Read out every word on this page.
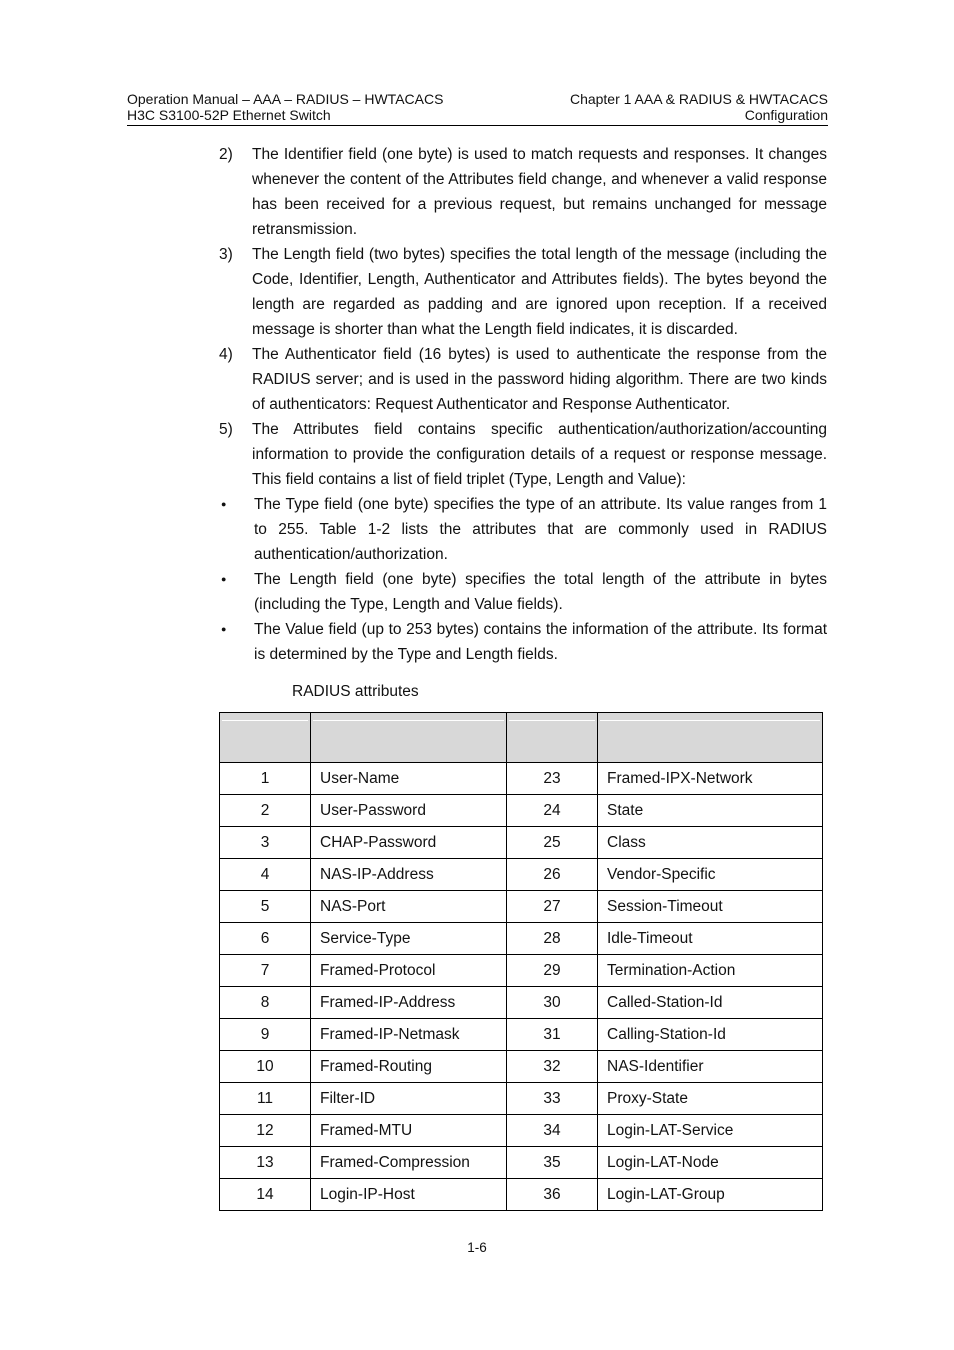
Operation Manual – AAA – RADIUS – HWTACACS
H3C S3100-52P Ethernet Switch
Chapter 1 AAA & RADIUS & HWTACACS
Configuration
2)	The Identifier field (one byte) is used to match requests and responses. It changes whenever the content of the Attributes field change, and whenever a valid response has been received for a previous request, but remains unchanged for message retransmission.
3)	The Length field (two bytes) specifies the total length of the message (including the Code, Identifier, Length, Authenticator and Attributes fields). The bytes beyond the length are regarded as padding and are ignored upon reception. If a received message is shorter than what the Length field indicates, it is discarded.
4)	The Authenticator field (16 bytes) is used to authenticate the response from the RADIUS server; and is used in the password hiding algorithm. There are two kinds of authenticators: Request Authenticator and Response Authenticator.
5)	The Attributes field contains specific authentication/authorization/accounting information to provide the configuration details of a request or response message. This field contains a list of field triplet (Type, Length and Value):
●	The Type field (one byte) specifies the type of an attribute. Its value ranges from 1 to 255. Table 1-2 lists the attributes that are commonly used in RADIUS authentication/authorization.
●	The Length field (one byte) specifies the total length of the attribute in bytes (including the Type, Length and Value fields).
●	The Value field (up to 253 bytes) contains the information of the attribute. Its format is determined by the Type and Length fields.
RADIUS attributes

1	User-Name	23	Framed-IPX-Network
2	User-Password	24	State
3	CHAP-Password	25	Class
4	NAS-IP-Address	26	Vendor-Specific
5	NAS-Port	27	Session-Timeout
6	Service-Type	28	Idle-Timeout
7	Framed-Protocol	29	Termination-Action
8	Framed-IP-Address	30	Called-Station-Id
9	Framed-IP-Netmask	31	Calling-Station-Id
10	Framed-Routing	32	NAS-Identifier
11	Filter-ID	33	Proxy-State
12	Framed-MTU	34	Login-LAT-Service
13	Framed-Compression	35	Login-LAT-Node
14	Login-IP-Host	36	Login-LAT-Group
1-6
